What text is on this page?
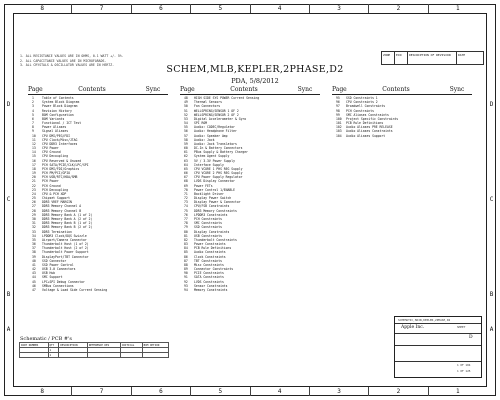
8	7	6	5	4	3	2	1
8	7	6	5	4	3	2	1
D
C
B
A
D
C
B
A
1. ALL RESISTANCE VALUES ARE IN OHMS, 0.1 WATT +/- 5%.
2. ALL CAPACITANCE VALUES ARE IN MICROFARADS.
3. ALL CRYSTALS & OSCILLATOR VALUES ARE IN HERTZ.
ZONE	ECN	DESCRIPTION OF REVISION	DATE
SCHEM,MLB,KEPLER,2PHASE,D2
PDA, 5/8/2012
Page	Contents	Sync
1	Table of Contents
2	System Block Diagram
3	Power Block Diagram
4	Revision History
5	BOM Configuration
6	BOM Variants
7	Functional / ICT Test
8	Power Aliases
9	Signal Aliases
10	CPU DMI/PEG/FDI
11	CPU Clock/Misc/JTAG
12	CPU DDR3 Interfaces
13	CPU Power
14	CPU Ground
15	CPU Decoupling
16	CPU Reserved & Unused
17	PCH SATA/PCIE/CLK/LPC/SPI
18	PCH DMI/FDI/Graphics
19	PCH PM/PCI/GPIO
20	PCH USB/RTC/HDA/SMB
21	PCH Power
22	PCH Ground
23	PCH Decoupling
24	CPU & PCH XDP
25	Chipset Support
26	DDR3 VREF MARGIN
27	DDR3 Memory Channel A
28	DDR3 Memory Channel B
29	DDR3 Memory Bank A (1 of 2)
30	DDR3 Memory Bank A (2 of 2)
31	DDR3 Memory Bank B (1 of 2)
32	DDR3 Memory Bank B (2 of 2)
33	DDR3 Termination
34	LPDDR3 Clock/DQS Swizzle
35	Airport/Camera Connector
36	Thunderbolt Host (1 of 2)
37	Thunderbolt Host (2 of 2)
38	Thunderbolt Power Support
39	DisplayPort/TBT Connector
40	SSD Connector
41	SSD Power Control
42	USB 3.0 Connectors
43	USB Hub
44	SMC Support
45	LPC+SPI Debug Connector
46	SMBus Connections
47	Voltage & Load Side Current Sensing
Page	Contents	Sync
48	HIGH SIDE SYS POWER Current Sensing
49	Thermal Sensors
50	Fan Connectors
51	WELLSPRING/SENSOR 1 OF 2
52	WELLSPRING/SENSOR 2 OF 2
53	Digital Accelerometer & Gyro
54	SPI ROM
55	Audio: CODEC/Regulator
56	Audio: Headphone Filter
57	Audio: Speaker Amp
58	Audio: Jack
59	Audio: Jack Translators
60	DC-In & Battery Connectors
61	PBus Supply & Battery Charger
62	System Agent Supply
63	5V / 3.3V Power Supply
64	Interface Supply
65	CPU VCORE 1 PHS REG Supply
66	CPU VCORE 2 PHS REG Supply
67	CPU Power Supply Regulator
68	LVDS Display Connector
69	Power FETs
70	Power Control 1/ENABLE
71	Backlight Driver
72	Display Power Switch
73	Display Power & Connector
74	CPU/FSB Constraints
75	DDR3 Memory Constraints
76	LPDDR3 Constraints
77	PCH Constraints
78	SMC Constraints
79	SSD Constraints
80	Display Constraints
81	USB Constraints
82	Thunderbolt Constraints
83	Power Constraints
84	PCB Rule Definitions
85	Audio Constraints
86	Clock Constraints
87	TBT Constraints
88	Misc Constraints
89	Connector Constraints
90	PCIE Constraints
91	SATA Constraints
92	LVDS Constraints
93	Sensor Constraints
94	Memory Constraints
Page	Contents	Sync
95	SSD Constraints 1
96	CPU Constraints 2
97	Broadwell Constraints
98	PCH Constraints
99	SMC Aliases Constraints
100	Project Specific Constraints
101	PCB Rule Definitions
102	Audio Aliases PRE RELEASE
103	Audio Aliases Constraints
104	Audio Aliases Support
Schematic / PCB #'s
PART NUMBER	QTY	DESCRIPTION	REFERENCE DES	CRITICAL	BOM OPTION
	1				
	1				
SCHEMATIC,MAIN,KEPLER,2PHASE,D2
Apple Inc.	SHEET
D
1 OF 104
1 OF 125
